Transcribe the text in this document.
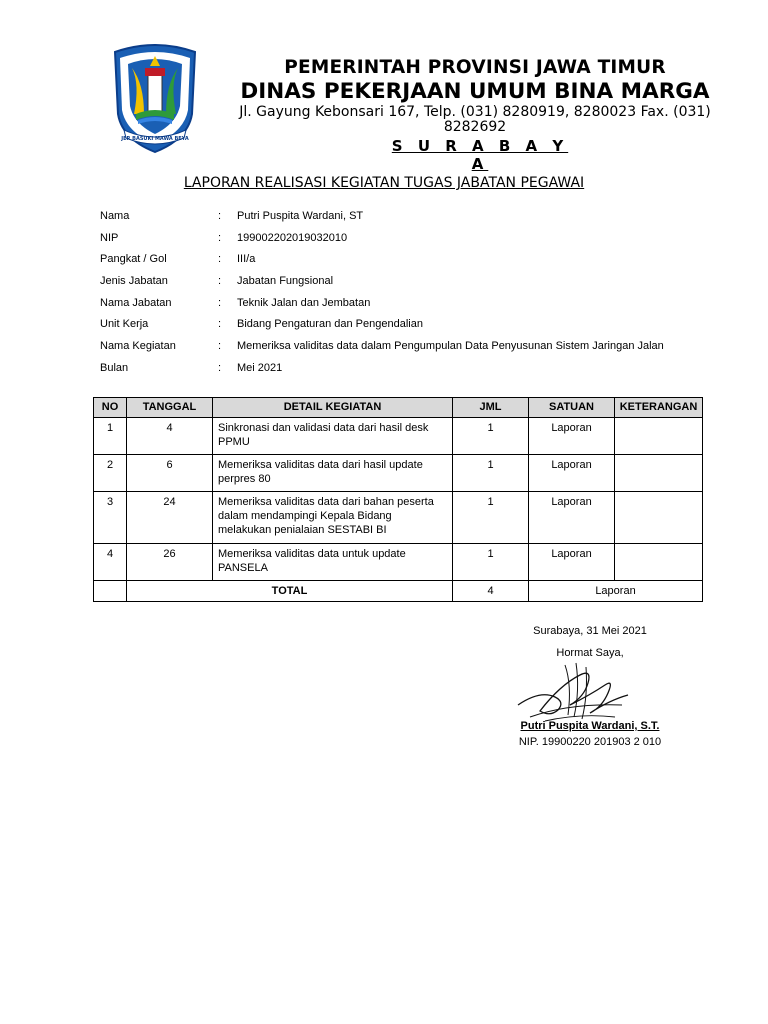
JER BASUKI MAWA BEYA
PEMERINTAH PROVINSI JAWA TIMUR
DINAS PEKERJAAN UMUM BINA MARGA
Jl. Gayung Kebonsari 167, Telp. (031) 8280919, 8280023 Fax. (031) 8282692
S U R A B A Y A
LAPORAN REALISASI KEGIATAN TUGAS JABATAN PEGAWAI
Nama	: Putri Puspita Wardani, ST
NIP	: 199002202019032010
Pangkat / Gol	: III/a
Jenis Jabatan	: Jabatan Fungsional
Nama Jabatan	: Teknik Jalan dan Jembatan
Unit Kerja	: Bidang Pengaturan dan Pengendalian
Nama Kegiatan	: Memeriksa validitas data dalam Pengumpulan Data Penyusunan Sistem Jaringan Jalan
Bulan	: Mei 2021
NO	TANGGAL	DETAIL KEGIATAN	JML	SATUAN	KETERANGAN
1	4	Sinkronasi dan validasi data dari hasil desk PPMU	1	Laporan	
2	6	Memeriksa validitas data dari hasil update perpres 80	1	Laporan	
3	24	Memeriksa validitas data dari bahan peserta dalam mendampingi Kepala Bidang melakukan penialaian SESTABI BI	1	Laporan	
4	26	Memeriksa validitas data untuk update PANSELA	1	Laporan	
	TOTAL		4	Laporan	
Surabaya, 31 Mei 2021
Hormat Saya,
Putri Puspita Wardani, S.T.
NIP. 19900220 201903 2 010
